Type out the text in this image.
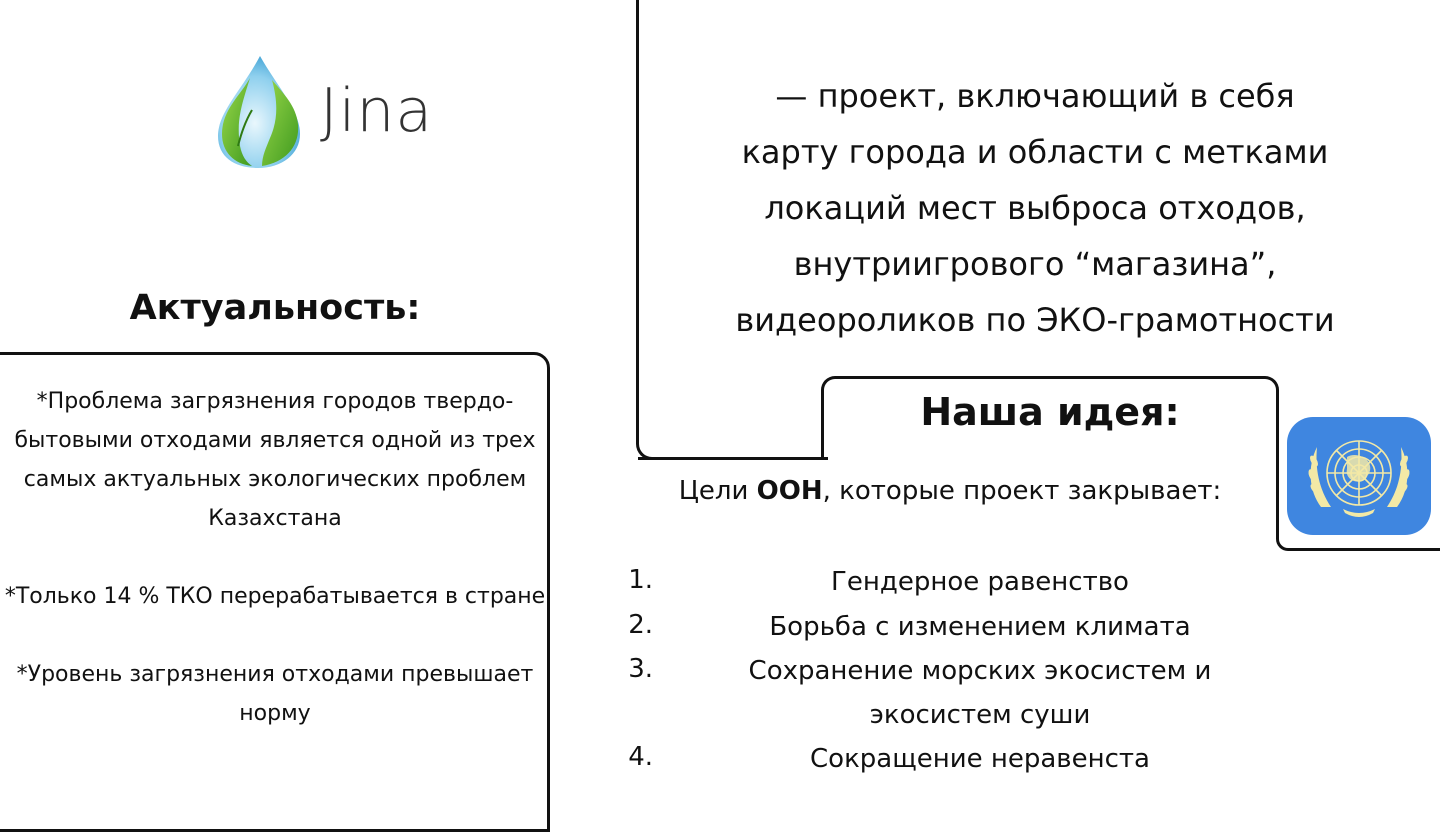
Jina
Актуальность:

*Проблема загрязнения городов твердо-бытовыми отходами является одной из трех самых актуальных экологических проблем Казахстана

*Только 14 % ТКО перерабатывается в стране

*Уровень загрязнения отходами превышает норму

— проект, включающий в себя
карту города и области с метками
локаций мест выброса отходов,
внутриигрового “магазина”,
видеороликов по ЭКО-грамотности
Наша идея:
Цели ООН, которые проект закрывает:
1.	Гендерное равенство
2.	Борьба с изменением климата
3.	Сохранение морских экосистем и экосистем суши
4.	Сокращение неравенста
